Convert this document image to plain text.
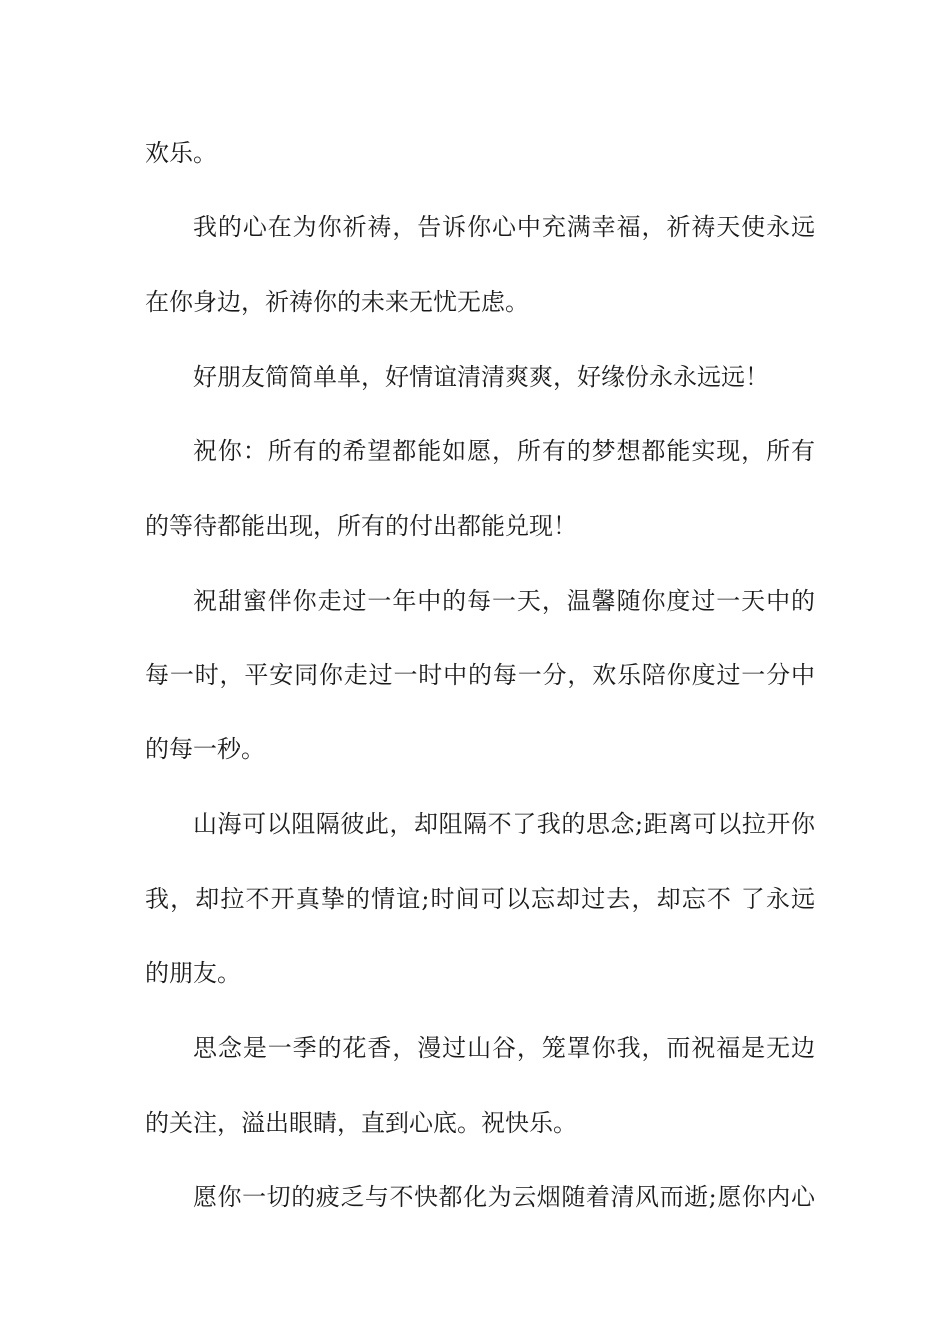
欢乐。
我的心在为你祈祷，告诉你心中充满幸福，祈祷天使永远
在你身边，祈祷你的未来无忧无虑。
好朋友简简单单，好情谊清清爽爽，好缘份永永远远！
祝你：所有的希望都能如愿，所有的梦想都能实现，所有
的等待都能出现，所有的付出都能兑现！
祝甜蜜伴你走过一年中的每一天，温馨随你度过一天中的
每一时，平安同你走过一时中的每一分，欢乐陪你度过一分中
的每一秒。
山海可以阻隔彼此，却阻隔不了我的思念;距离可以拉开你
我，却拉不开真挚的情谊;时间可以忘却过去，却忘不 了永远
的朋友。
思念是一季的花香，漫过山谷，笼罩你我，而祝福是无边
的关注，溢出眼睛，直到心底。祝快乐。
愿你一切的疲乏与不快都化为云烟随着清风而逝;愿你内心
